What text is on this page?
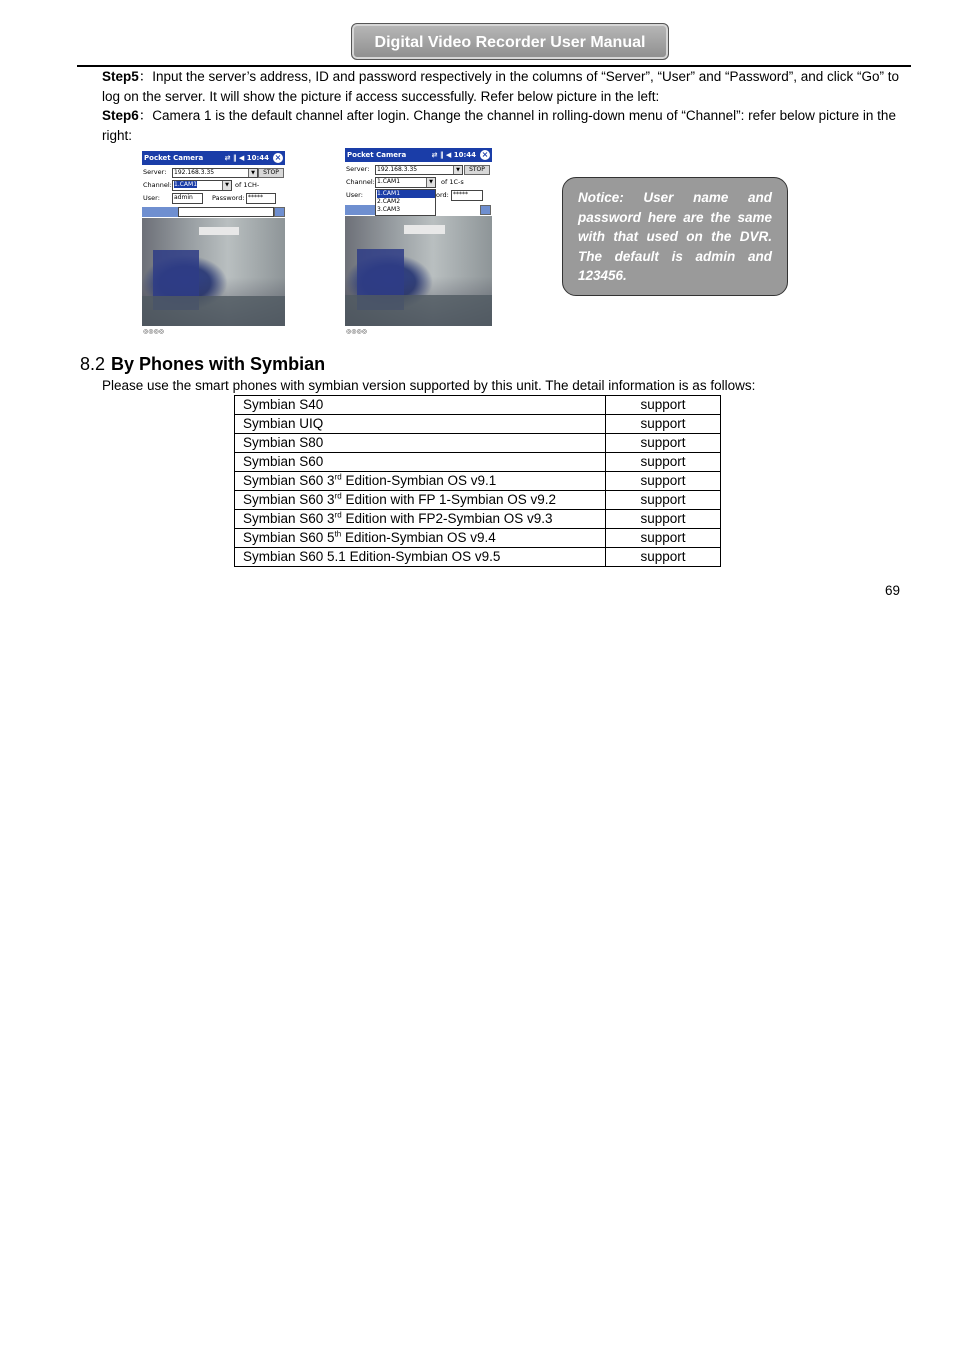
Digital Video Recorder User Manual
Step5：Input the server’s address, ID and password respectively in the columns of “Server”, “User” and “Password”, and click “Go” to log on the server. It will show the picture if access successfully. Refer below picture in the left:
Step6：Camera 1 is the default channel after login. Change the channel in rolling-down menu of “Channel”: refer below picture in the right:
Pocket Camera	⇄ ‖ ◀ 10:44 ×
Server:	192.168.3.35	▼	STOP
Channel: 1.CAM1	▼ of 1CH-
User:	admin	Password: *****
◎◎◎◎
Pocket Camera	⇄ ‖ ◀ 10:44 ×
Server:	192.168.3.35	▼	STOP
Channel: 1.CAM1	▼	of 1C-s
User: 1.CAM1
2.CAM2
3.CAM3
ord: *****
◎◎◎◎
Notice: User name and password here are the same with that used on the DVR. The default is admin and 123456.
8.2 By Phones with Symbian
Please use the smart phones with symbian version supported by this unit. The detail information is as follows:
Symbian S40	support
Symbian UIQ	support
Symbian S80	support
Symbian S60	support
Symbian S60 3rd Edition-Symbian OS v9.1	support
Symbian S60 3rd Edition with FP 1-Symbian OS v9.2	support
Symbian S60 3rd Edition with FP2-Symbian OS v9.3	support
Symbian S60 5th Edition-Symbian OS v9.4	support
Symbian S60 5.1 Edition-Symbian OS v9.5	support
69
